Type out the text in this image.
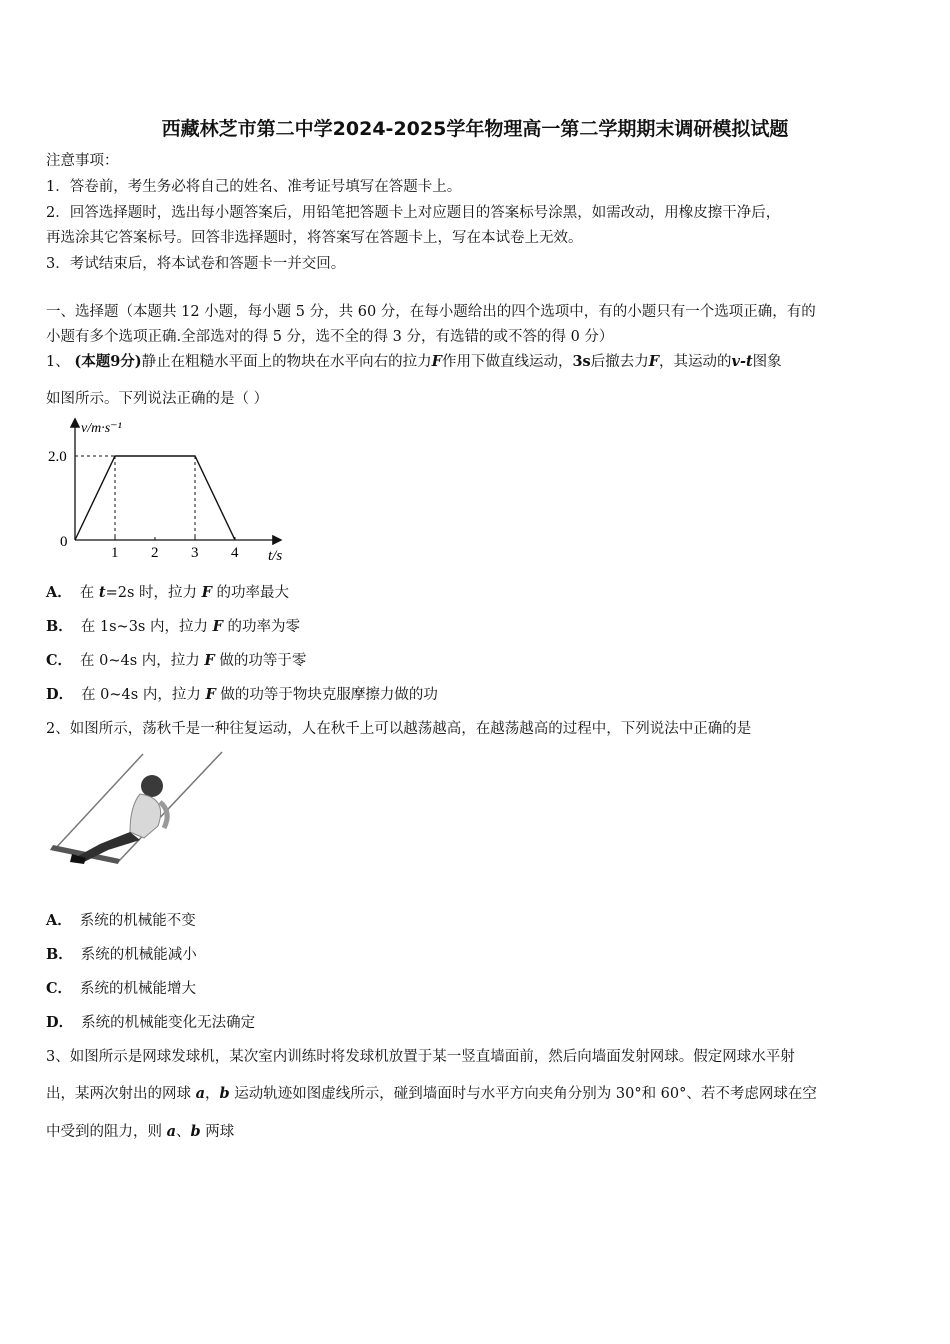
西藏林芝市第二中学2024-2025学年物理高一第二学期期末调研模拟试题
注意事项：
1．答卷前，考生务必将自己的姓名、准考证号填写在答题卡上。
2．回答选择题时，选出每小题答案后，用铅笔把答题卡上对应题目的答案标号涂黑，如需改动，用橡皮擦干净后，
再选涂其它答案标号。回答非选择题时，将答案写在答题卡上，写在本试卷上无效。
3．考试结束后，将本试卷和答题卡一并交回。
一、选择题（本题共 12 小题，每小题 5 分，共 60 分，在每小题给出的四个选项中，有的小题只有一个选项正确，有的
小题有多个选项正确.全部选对的得 5 分，选不全的得 3 分，有选错的或不答的得 0 分）
1、 (本题9分)静止在粗糙水平面上的物块在水平向右的拉力F作用下做直线运动，3s后撤去力F，其运动的v-t图象
如图所示。下列说法正确的是（ ）
v/m·s⁻¹
t/s
0
2.0
1 2 3 4
A． 在 t=2s 时，拉力 F 的功率最大
B． 在 1s~3s 内，拉力 F 的功率为零
C． 在 0~4s 内，拉力 F 做的功等于零
D． 在 0~4s 内，拉力 F 做的功等于物块克服摩擦力做的功
2、如图所示，荡秋千是一种往复运动，人在秋千上可以越荡越高，在越荡越高的过程中，下列说法中正确的是
A． 系统的机械能不变
B． 系统的机械能减小
C． 系统的机械能增大
D． 系统的机械能变化无法确定
3、如图所示是网球发球机，某次室内训练时将发球机放置于某一竖直墙面前，然后向墙面发射网球。假定网球水平射
出，某两次射出的网球 a，b 运动轨迹如图虚线所示，碰到墙面时与水平方向夹角分别为 30°和 60°、若不考虑网球在空
中受到的阻力，则 a、b 两球
